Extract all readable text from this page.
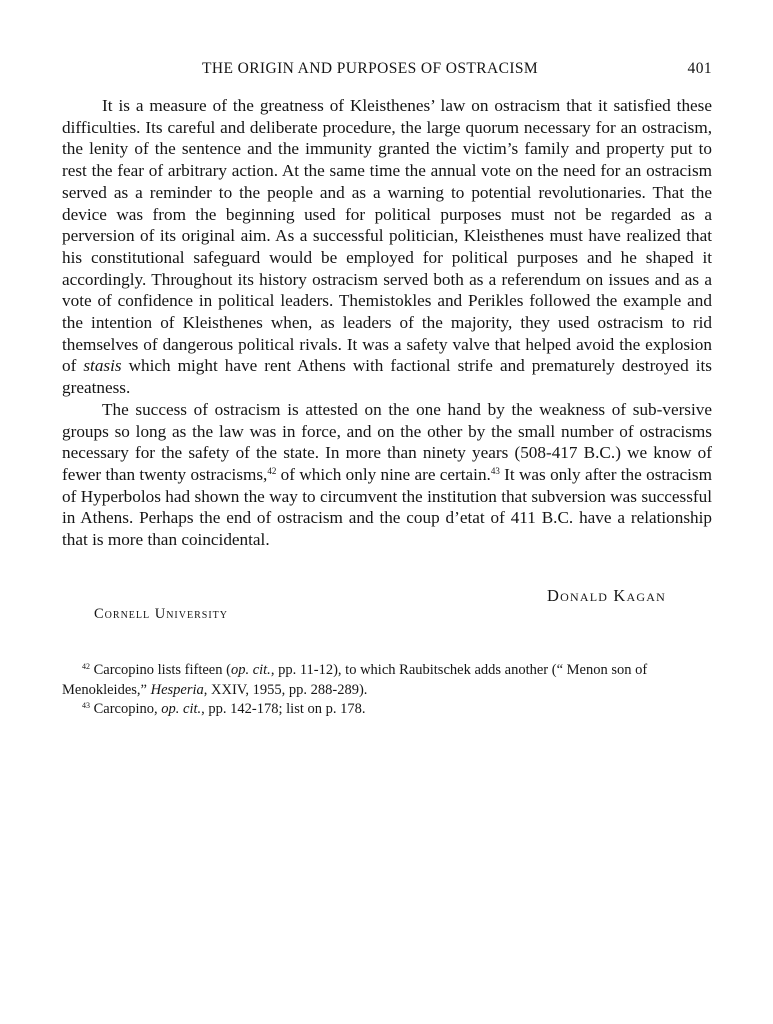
THE ORIGIN AND PURPOSES OF OSTRACISM	401

It is a measure of the greatness of Kleisthenes’ law on ostracism that it satisfied these difficulties. Its careful and deliberate procedure, the large quorum necessary for an ostracism, the lenity of the sentence and the immunity granted the victim’s family and property put to rest the fear of arbitrary action. At the same time the annual vote on the need for an ostracism served as a reminder to the people and as a warning to potential revolutionaries. That the device was from the beginning used for political purposes must not be regarded as a perversion of its original aim. As a successful politician, Kleisthenes must have realized that his constitutional safeguard would be employed for political purposes and he shaped it accordingly. Throughout its history ostracism served both as a referendum on issues and as a vote of confidence in political leaders. Themistokles and Perikles followed the example and the intention of Kleisthenes when, as leaders of the majority, they used ostracism to rid themselves of dangerous political rivals. It was a safety valve that helped avoid the explosion of stasis which might have rent Athens with factional strife and prematurely destroyed its greatness.

The success of ostracism is attested on the one hand by the weakness of sub-versive groups so long as the law was in force, and on the other by the small number of ostracisms necessary for the safety of the state. In more than ninety years (508-417 B.C.) we know of fewer than twenty ostracisms,$^{42}$ of which only nine are certain.$^{43}$ It was only after the ostracism of Hyperbolos had shown the way to circumvent the institution that subversion was successful in Athens. Perhaps the end of ostracism and the coup d’etat of 411 B.C. have a relationship that is more than coincidental.

Donald Kagan
Cornell University

$^{42}$ Carcopino lists fifteen (op. cit., pp. 11-12), to which Raubitschek adds another (“ Menon son of Menokleides,” Hesperia, XXIV, 1955, pp. 288-289).

$^{43}$ Carcopino, op. cit., pp. 142-178; list on p. 178.
